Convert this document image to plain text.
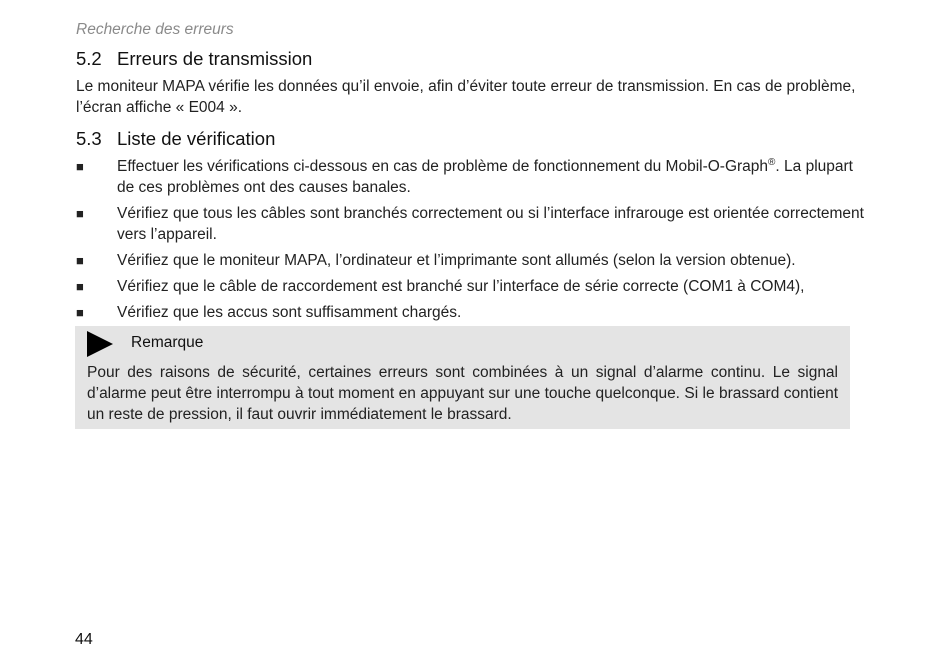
Recherche des erreurs
5.2 Erreurs de transmission

Le moniteur MAPA vérifie les données qu’il envoie, afin d’éviter toute erreur de transmission. En cas de problème, l’écran affiche « E004 ».

5.3 Liste de vérification
■ Effectuer les vérifications ci-dessous en cas de problème de fonctionnement du Mobil-O-Graph®. La plupart de ces problèmes ont des causes banales.
■ Vérifiez que tous les câbles sont branchés correctement ou si l’interface infrarouge est orientée correctement vers l’appareil.
■ Vérifiez que le moniteur MAPA, l’ordinateur et l’imprimante sont allumés (selon la version obtenue).
■ Vérifiez que le câble de raccordement est branché sur l’interface de série correcte (COM1 à COM4),
■ Vérifiez que les accus sont suffisamment chargés.
Remarque

Pour des raisons de sécurité, certaines erreurs sont combinées à un signal d’alarme continu. Le signal d’alarme peut être interrompu à tout moment en appuyant sur une touche quelconque. Si le brassard contient un reste de pression, il faut ouvrir immédiatement le brassard.

44
